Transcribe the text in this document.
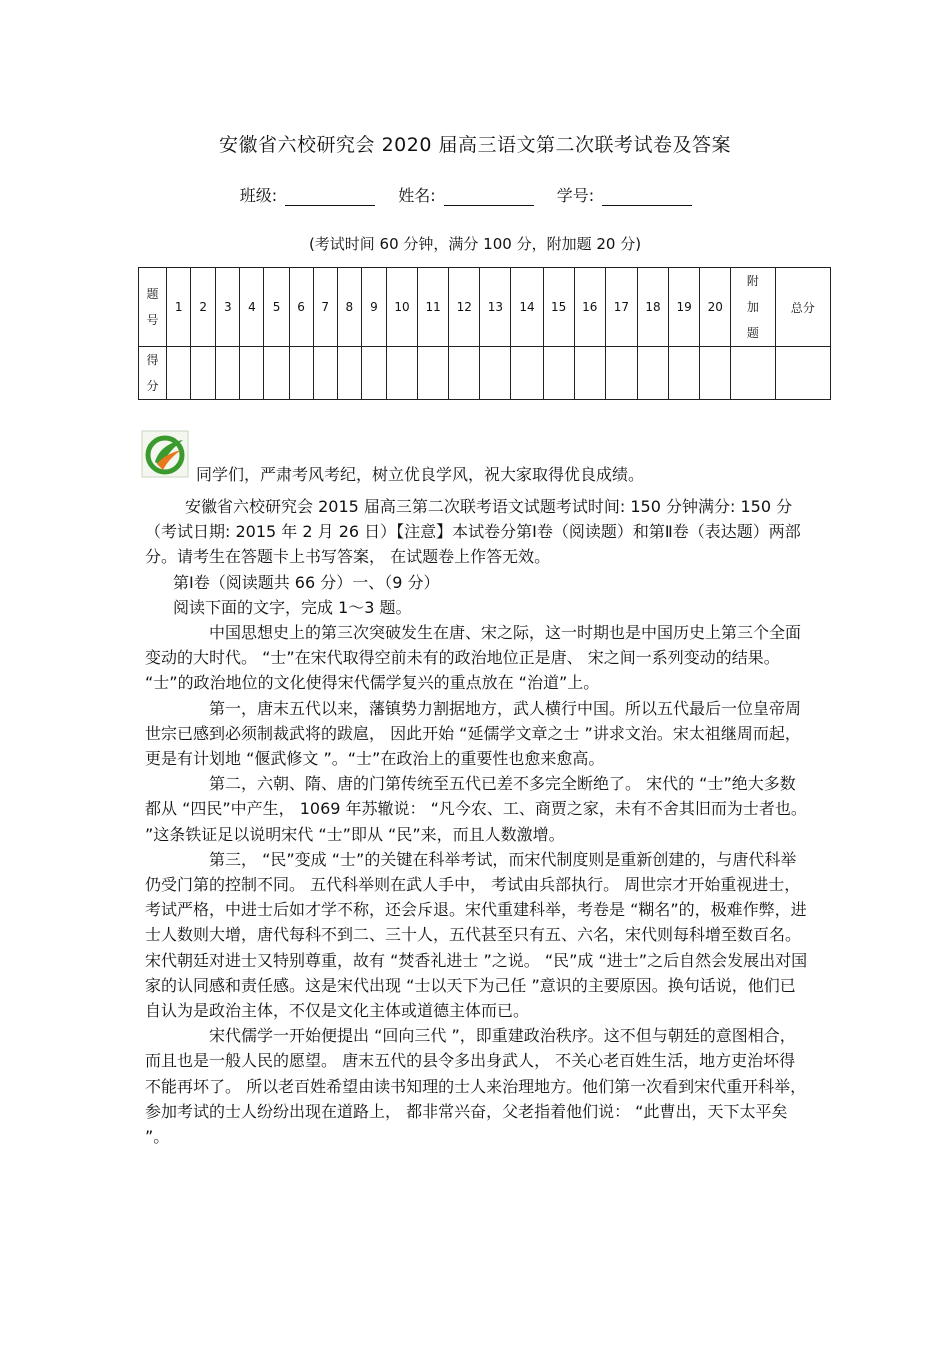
安徽省六校研究会 2020 届高三语文第二次联考试卷及答案
班级:	姓名:	学号:
(考试时间 60 分钟，满分 100 分，附加题 20 分)
题号	1	2	3	4	5	6	7	8	9	10	11	12	13	14	15	16	17	18	19	20	附加题	总分
得分																						
同学们，严肃考风考纪，树立优良学风，祝大家取得优良成绩。

安徽省六校研究会 2015 届高三第二次联考语文试题考试时间: 150 分钟满分: 150 分（考试日期: 2015 年 2 月 26 日）【注意】本试卷分第Ⅰ卷（阅读题）和第Ⅱ卷（表达题）两部分。请考生在答题卡上书写答案， 在试题卷上作答无效。

第Ⅰ卷（阅读题共 66 分）一、（9 分）

阅读下面的文字，完成 1～3 题。

中国思想史上的第三次突破发生在唐、宋之际，这一时期也是中国历史上第三个全面变动的大时代。 “士”在宋代取得空前未有的政治地位正是唐、 宋之间一系列变动的结果。 “士”的政治地位的文化使得宋代儒学复兴的重点放在 “治道”上。

第一，唐末五代以来，藩镇势力割据地方，武人横行中国。所以五代最后一位皇帝周世宗已感到必须制裁武将的跋扈， 因此开始 “延儒学文章之士 ”讲求文治。宋太祖继周而起，更是有计划地 “偃武修文 ”。“士”在政治上的重要性也愈来愈高。

第二，六朝、隋、唐的门第传统至五代已差不多完全断绝了。 宋代的 “士”绝大多数都从 “四民”中产生， 1069 年苏辙说： “凡今农、工、商贾之家，未有不舍其旧而为士者也。 ”这条铁证足以说明宋代 “士”即从 “民”来，而且人数激增。

第三， “民”变成 “士”的关键在科举考试，而宋代制度则是重新创建的，与唐代科举仍受门第的控制不同。 五代科举则在武人手中， 考试由兵部执行。 周世宗才开始重视进士，考试严格，中进士后如才学不称，还会斥退。宋代重建科举，考卷是 “糊名”的，极难作弊，进士人数则大增，唐代每科不到二、三十人，五代甚至只有五、六名，宋代则每科增至数百名。宋代朝廷对进士又特别尊重，故有 “焚香礼进士 ”之说。 “民”成 “进士”之后自然会发展出对国家的认同感和责任感。这是宋代出现 “士以天下为己任 ”意识的主要原因。换句话说，他们已自认为是政治主体，不仅是文化主体或道德主体而已。

宋代儒学一开始便提出 “回向三代 ”，即重建政治秩序。这不但与朝廷的意图相合， 而且也是一般人民的愿望。 唐末五代的县令多出身武人， 不关心老百姓生活，地方吏治坏得不能再坏了。 所以老百姓希望由读书知理的士人来治理地方。他们第一次看到宋代重开科举， 参加考试的士人纷纷出现在道路上， 都非常兴奋，父老指着他们说： “此曹出，天下太平矣 ”。
